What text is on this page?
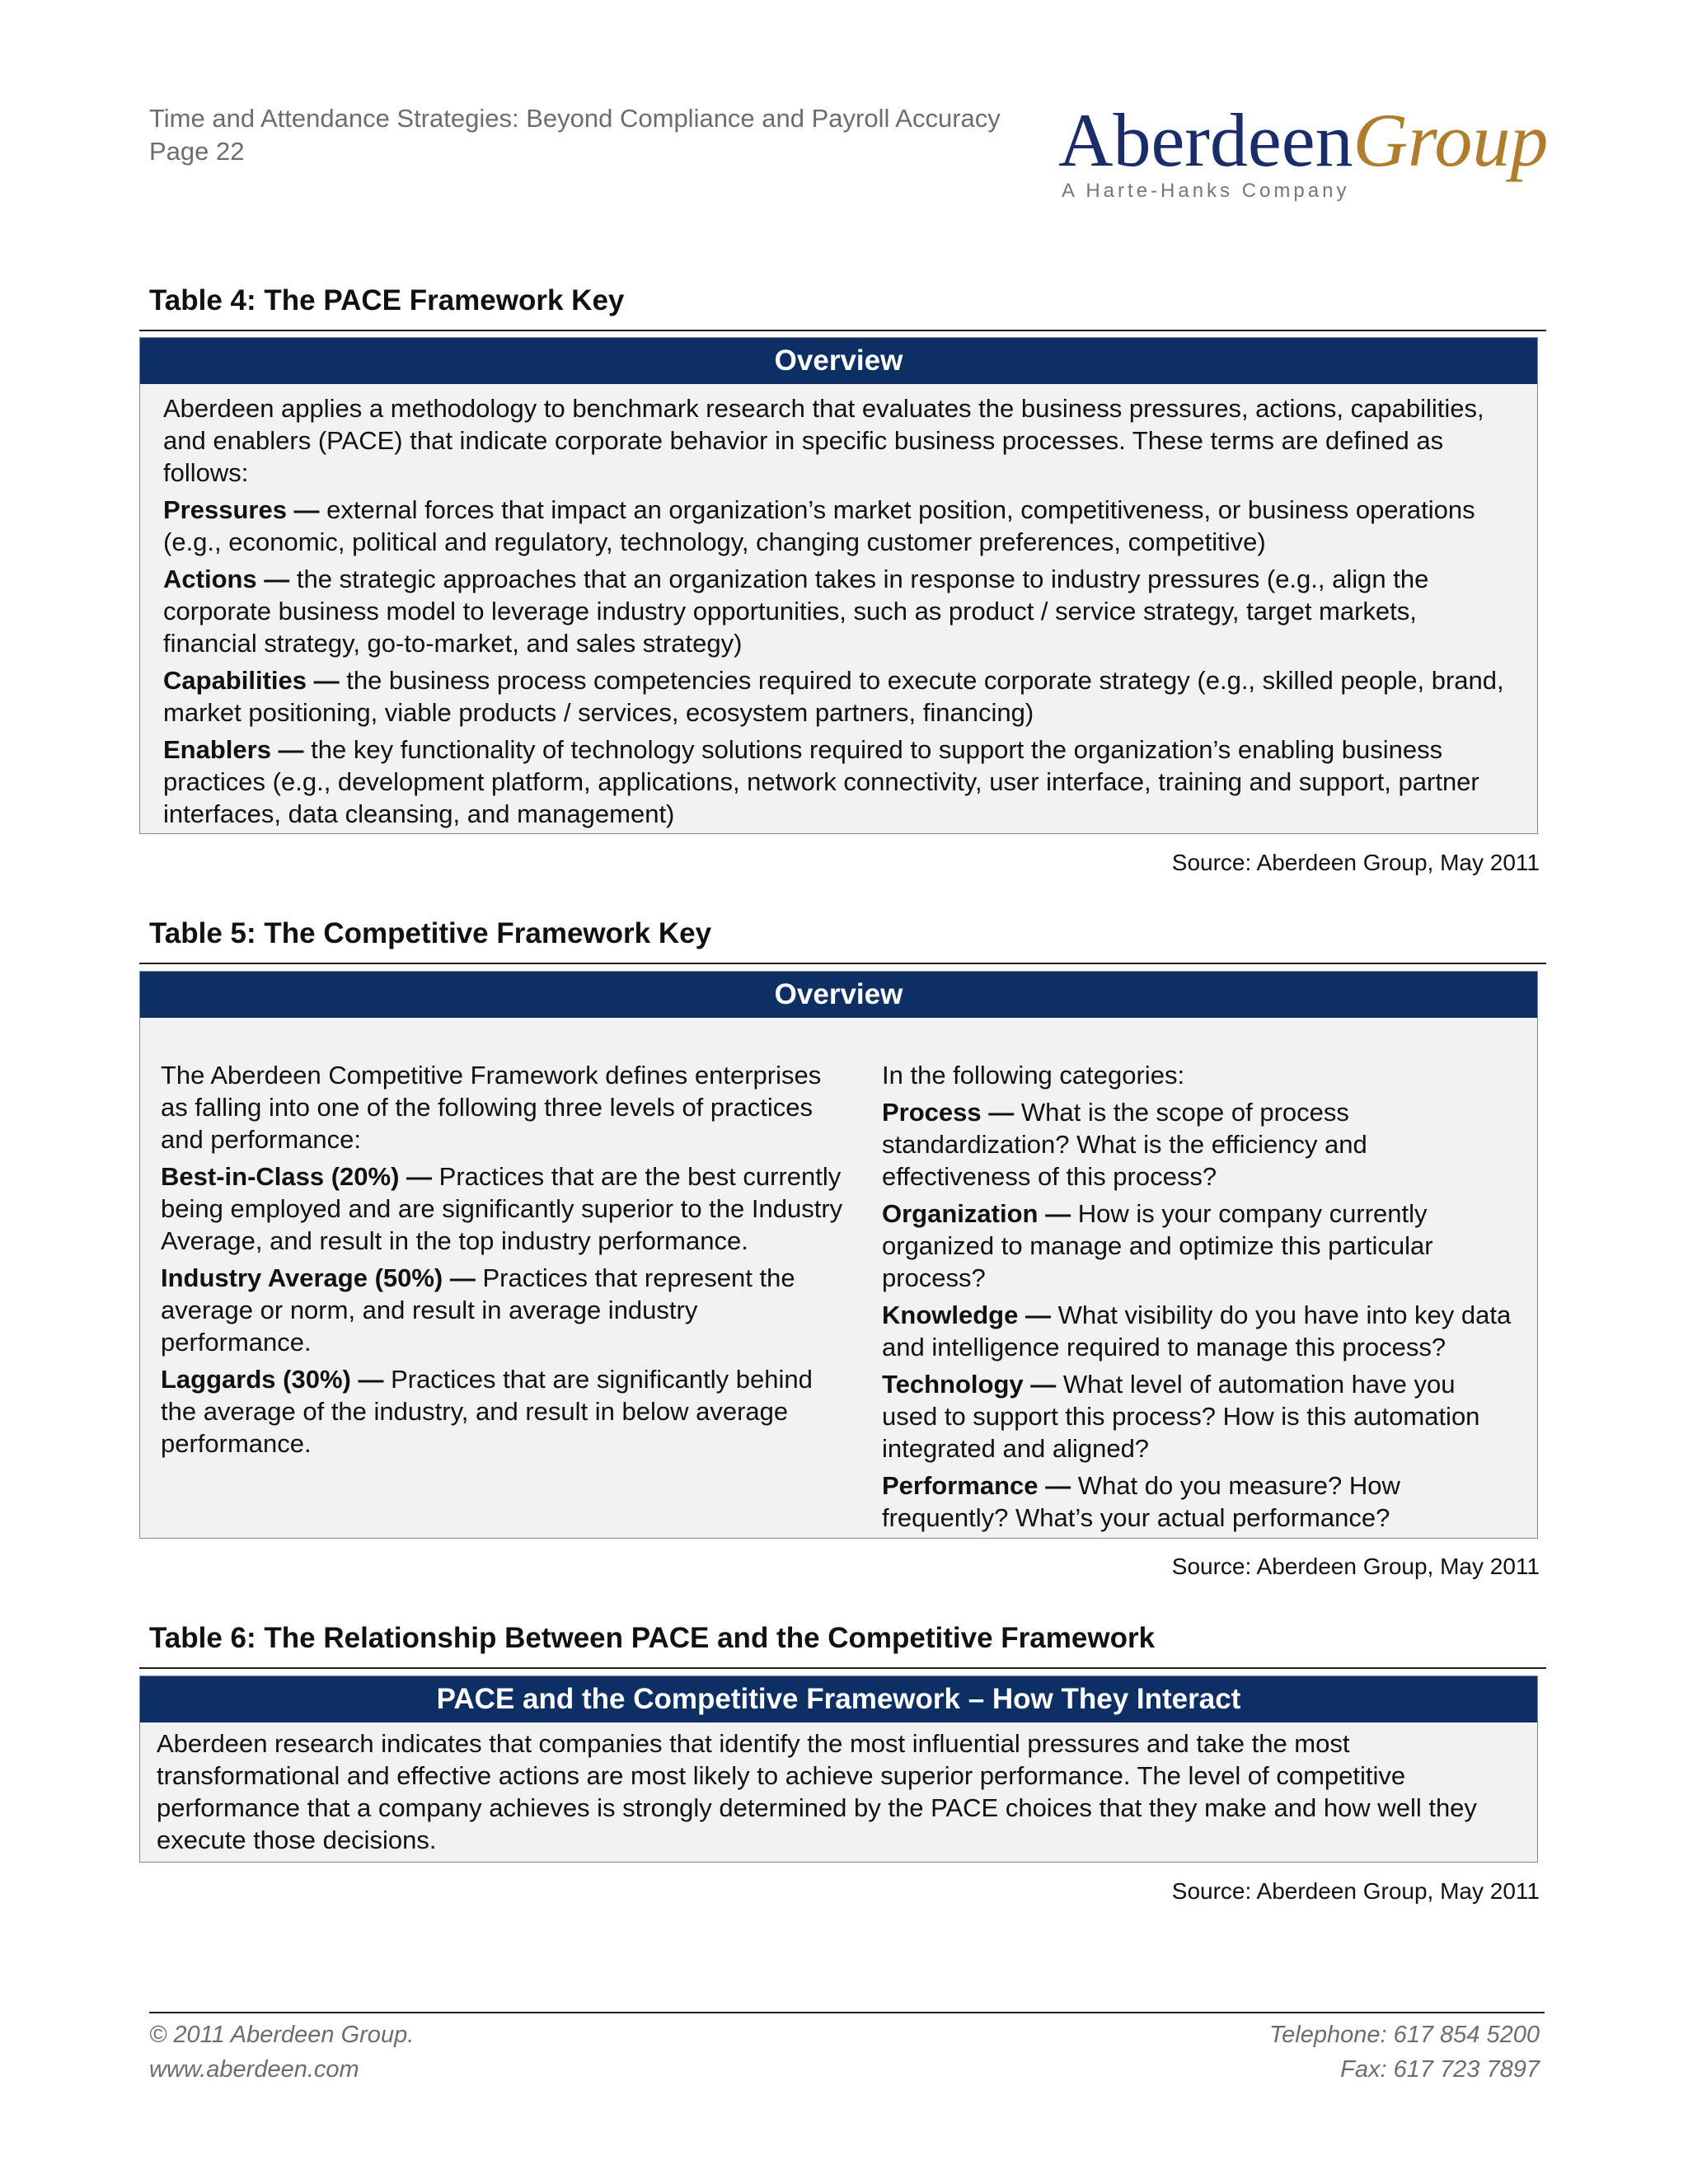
Time and Attendance Strategies: Beyond Compliance and Payroll Accuracy
Page 22	AberdeenGroup
A Harte-Hanks Company
Table 4: The PACE Framework Key
Overview

Aberdeen applies a methodology to benchmark research that evaluates the business pressures, actions, capabilities, and enablers (PACE) that indicate corporate behavior in specific business processes. These terms are defined as follows:

Pressures — external forces that impact an organization’s market position, competitiveness, or business operations (e.g., economic, political and regulatory, technology, changing customer preferences, competitive)

Actions — the strategic approaches that an organization takes in response to industry pressures (e.g., align the corporate business model to leverage industry opportunities, such as product / service strategy, target markets, financial strategy, go-to-market, and sales strategy)

Capabilities — the business process competencies required to execute corporate strategy (e.g., skilled people, brand, market positioning, viable products / services, ecosystem partners, financing)

Enablers — the key functionality of technology solutions required to support the organization’s enabling business practices (e.g., development platform, applications, network connectivity, user interface, training and support, partner interfaces, data cleansing, and management)

Source: Aberdeen Group, May 2011
Table 5: The Competitive Framework Key
Overview

The Aberdeen Competitive Framework defines enterprises as falling into one of the following three levels of practices and performance:

Best-in-Class (20%) — Practices that are the best currently being employed and are significantly superior to the Industry Average, and result in the top industry performance.

Industry Average (50%) — Practices that represent the average or norm, and result in average industry performance.

Laggards (30%) — Practices that are significantly behind the average of the industry, and result in below average performance.

In the following categories:

Process — What is the scope of process standardization? What is the efficiency and effectiveness of this process?

Organization — How is your company currently organized to manage and optimize this particular process?

Knowledge — What visibility do you have into key data and intelligence required to manage this process?

Technology — What level of automation have you used to support this process? How is this automation integrated and aligned?

Performance — What do you measure? How frequently? What’s your actual performance?

Source: Aberdeen Group, May 2011
Table 6: The Relationship Between PACE and the Competitive Framework
PACE and the Competitive Framework – How They Interact
Aberdeen research indicates that companies that identify the most influential pressures and take the most transformational and effective actions are most likely to achieve superior performance. The level of competitive performance that a company achieves is strongly determined by the PACE choices that they make and how well they execute those decisions.
Source: Aberdeen Group, May 2011
© 2011 Aberdeen Group.
www.aberdeen.com
Telephone: 617 854 5200
Fax: 617 723 7897
